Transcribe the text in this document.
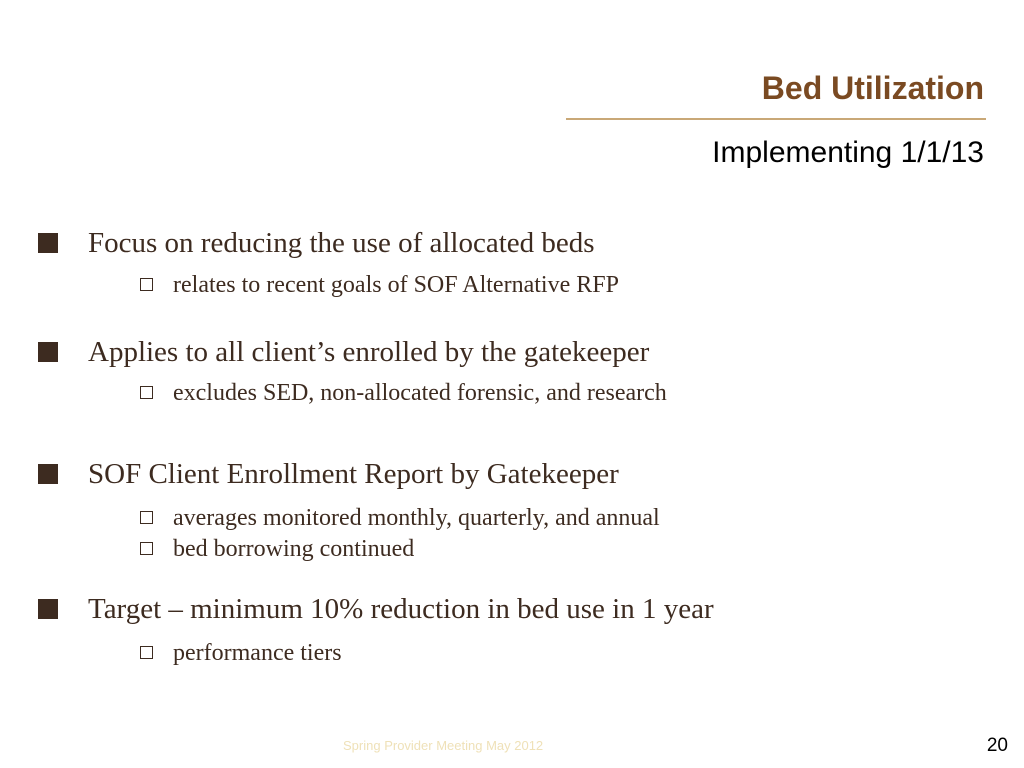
Bed Utilization
Implementing 1/1/13
Focus on reducing the use of allocated beds
relates to recent goals of SOF Alternative RFP
Applies to all client’s enrolled by the gatekeeper
excludes SED, non-allocated forensic, and research
SOF Client Enrollment Report by Gatekeeper
averages monitored monthly, quarterly, and annual
bed borrowing continued
Target – minimum 10% reduction in bed use in 1 year
performance tiers
Spring Provider Meeting May 2012	20
